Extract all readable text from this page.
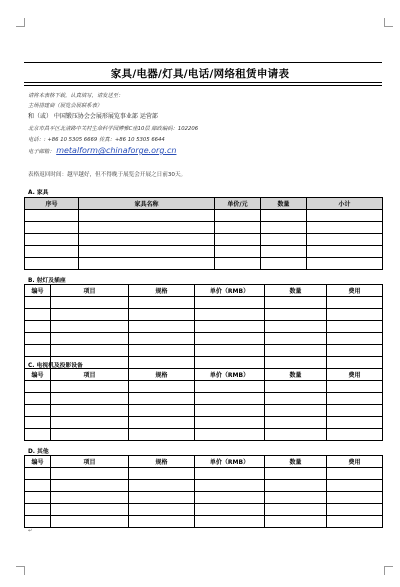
家具/电器/灯具/电话/网络租赁申请表
请将本表格下载，认真填写，请发送至：
主场搭建商（展览会展联系表）
和（或） 中国锻压协会会展形展览事业部 运营部
北京市昌平区北清路中关村生命科学园博雅C座10层 邮政编码：102206
电话：: +86 10 5305 6669 传真：+86 10 5305 6644
电子邮箱： metalform@chinaforge.org.cn
表格返回时间：越早越好，但不得晚于展览会开展之日前30天。
A. 家具
序号	家具名称	单价/元	数量	小计

B. 射灯及插座
编号	项目	规格	单价（RMB）	数量	费用

C. 电视机及投影设备
编号	项目	规格	单价（RMB）	数量	费用

D. 其他
编号	项目	规格	单价（RMB）	数量	费用

↵
